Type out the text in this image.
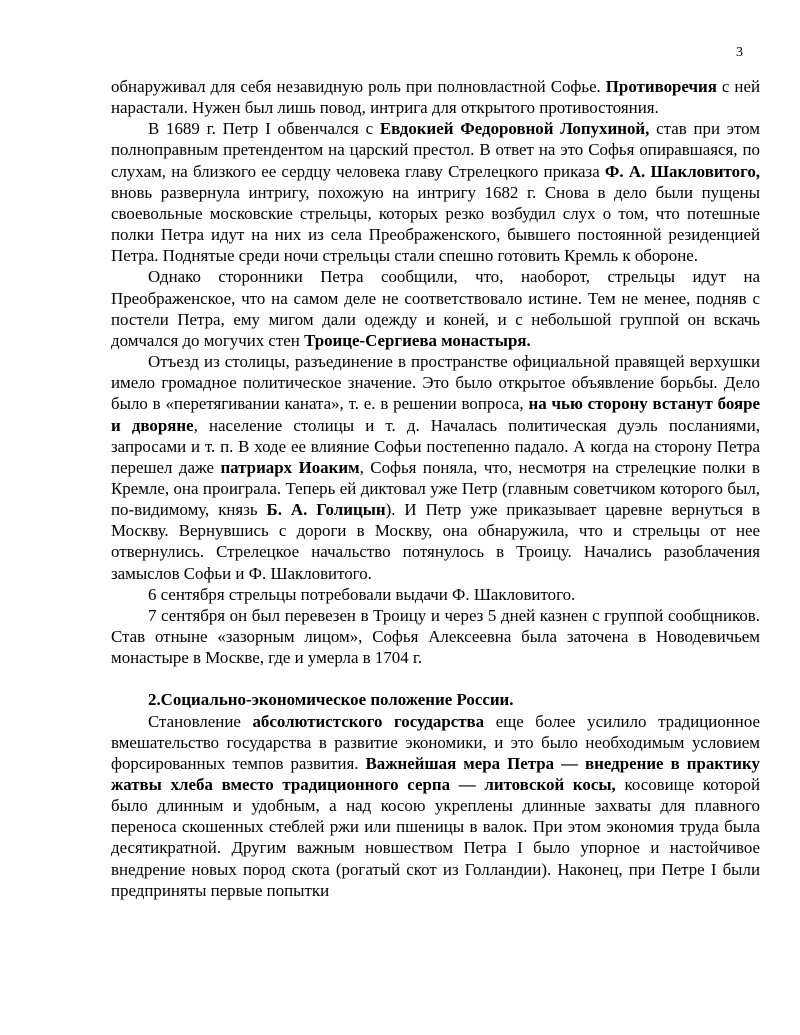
3

обнаруживал для себя незавидную роль при полновластной Софье. Противоречия с ней нарастали. Нужен был лишь повод, интрига для открытого противостояния.

В 1689 г. Петр I обвенчался с Евдокией Федоровной Лопухиной, став при этом полноправным претендентом на царский престол. В ответ на это Софья опиравшаяся, по слухам, на близкого ее сердцу человека главу Стрелецкого приказа Ф. А. Шакловитого, вновь развернула интригу, похожую на интригу 1682 г. Снова в дело были пущены своевольные московские стрельцы, которых резко возбудил слух о том, что потешные полки Петра идут на них из села Преображенского, бывшего постоянной резиденцией Петра. Поднятые среди ночи стрельцы стали спешно готовить Кремль к обороне.

Однако сторонники Петра сообщили, что, наоборот, стрельцы идут на Преображенское, что на самом деле не соответствовало истине. Тем не менее, подняв с постели Петра, ему мигом дали одежду и коней, и с небольшой группой он вскачь домчался до могучих стен Троице-Сергиева монастыря.

Отъезд из столицы, разъединение в пространстве официальной правящей верхушки имело громадное политическое значение. Это было открытое объявление борьбы. Дело было в «перетягивании каната», т. е. в решении вопроса, на чью сторону встанут бояре и дворяне, население столицы и т. д. Началась политическая дуэль посланиями, запросами и т. п. В ходе ее влияние Софьи постепенно падало. А когда на сторону Петра перешел даже патриарх Иоаким, Софья поняла, что, несмотря на стрелецкие полки в Кремле, она проиграла. Теперь ей диктовал уже Петр (главным советчиком которого был, по-видимому, князь Б. А. Голицын). И Петр уже приказывает царевне вернуться в Москву. Вернувшись с дороги в Москву, она обнаружила, что и стрельцы от нее отвернулись. Стрелецкое начальство потянулось в Троицу. Начались разоблачения замыслов Софьи и Ф. Шакловитого.

6 сентября стрельцы потребовали выдачи Ф. Шакловитого.

7 сентября он был перевезен в Троицу и через 5 дней казнен с группой сообщников. Став отныне «зазорным лицом», Софья Алексеевна была заточена в Новодевичьем монастыре в Москве, где и умерла в 1704 г.

2.Социально-экономическое положение России.

Становление абсолютистского государства еще более усилило традиционное вмешательство государства в развитие экономики, и это было необходимым условием форсированных темпов развития. Важнейшая мера Петра — внедрение в практику жатвы хлеба вместо традиционного серпа — литовской косы, косовище которой было длинным и удобным, а над косою укреплены длинные захваты для плавного переноса скошенных стеблей ржи или пшеницы в валок. При этом экономия труда была десятикратной. Другим важным новшеством Петра I было упорное и настойчивое внедрение новых пород скота (рогатый скот из Голландии). Наконец, при Петре I были предприняты первые попытки
